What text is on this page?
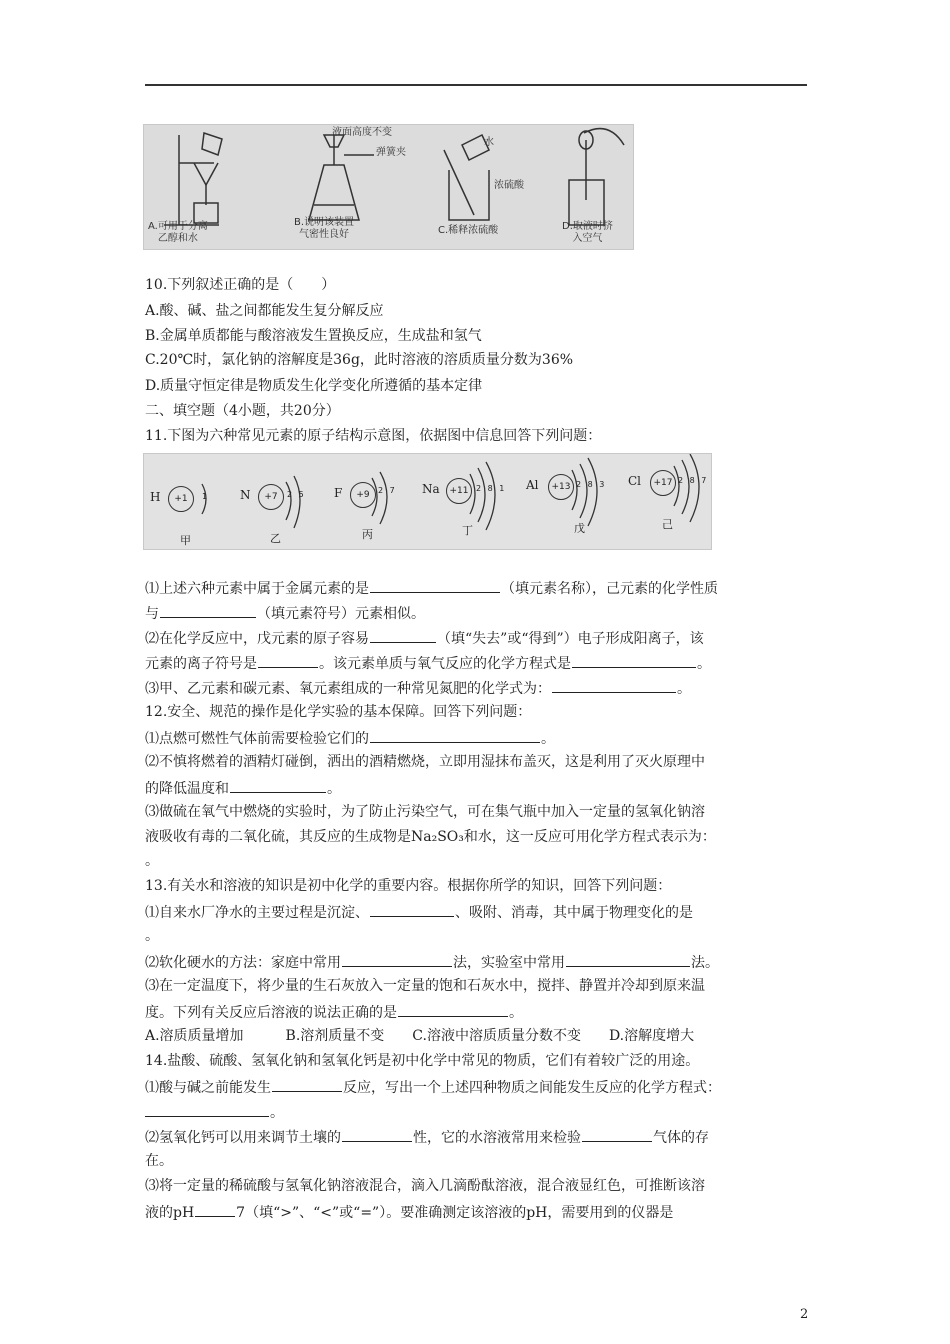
液面高度不变
弹簧夹
水
浓硫酸
A.可用于分离
乙醇和水
B.说明该装置
气密性良好	C.稀释浓硫酸	D.取液时挤
入空气
10.下列叙述正确的是（　　）
A.酸、碱、盐之间都能发生复分解反应
B.金属单质都能与酸溶液发生置换反应，生成盐和氢气
C.20℃时，氯化钠的溶解度是36g，此时溶液的溶质质量分数为36%
D.质量守恒定律是物质发生化学变化所遵循的基本定律
二、填空题（4小题，共20分）
11.下图为六种常见元素的原子结构示意图，依据图中信息回答下列问题：
H	+1	1
甲
N	+7	2 5
乙
F	+9	2 7
丙
Na	+11 2 8 1
丁
Al	+13 2 8 3
戊
Cl	+17 2 8 7
己
⑴上述六种元素中属于金属元素的是	（填元素名称），己元素的化学性质
与	（填元素符号）元素相似。
⑵在化学反应中，戊元素的原子容易	（填“失去”或“得到”）电子形成阳离子，该
元素的离子符号是	。该元素单质与氧气反应的化学方程式是	。
⑶甲、乙元素和碳元素、氧元素组成的一种常见氮肥的化学式为：	。
12.安全、规范的操作是化学实验的基本保障。回答下列问题：
⑴点燃可燃性气体前需要检验它们的	。
⑵不慎将燃着的酒精灯碰倒，洒出的酒精燃烧，立即用湿抹布盖灭，这是利用了灭火原理中
的降低温度和	。
⑶做硫在氧气中燃烧的实验时，为了防止污染空气，可在集气瓶中加入一定量的氢氧化钠溶
液吸收有毒的二氧化硫，其反应的生成物是Na₂SO₃和水，这一反应可用化学方程式表示为：
。
13.有关水和溶液的知识是初中化学的重要内容。根据你所学的知识，回答下列问题：
⑴自来水厂净水的主要过程是沉淀、	、吸附、消毒，其中属于物理变化的是
。
⑵软化硬水的方法：家庭中常用	法，实验室中常用	法。
⑶在一定温度下，将少量的生石灰放入一定量的饱和石灰水中，搅拌、静置并冷却到原来温
度。下列有关反应后溶液的说法正确的是	。
A.溶质质量增加　　　B.溶剂质量不变　　C.溶液中溶质质量分数不变　　D.溶解度增大
14.盐酸、硫酸、氢氧化钠和氢氧化钙是初中化学中常见的物质，它们有着较广泛的用途。
⑴酸与碱之前能发生	反应，写出一个上述四种物质之间能发生反应的化学方程式：
。
⑵氢氧化钙可以用来调节土壤的	性，它的水溶液常用来检验	气体的存
在。
⑶将一定量的稀硫酸与氢氧化钠溶液混合，滴入几滴酚酞溶液，混合液显红色，可推断该溶
液的pH	7（填“>”、“<”或“=”）。要准确测定该溶液的pH，需要用到的仪器是
2
